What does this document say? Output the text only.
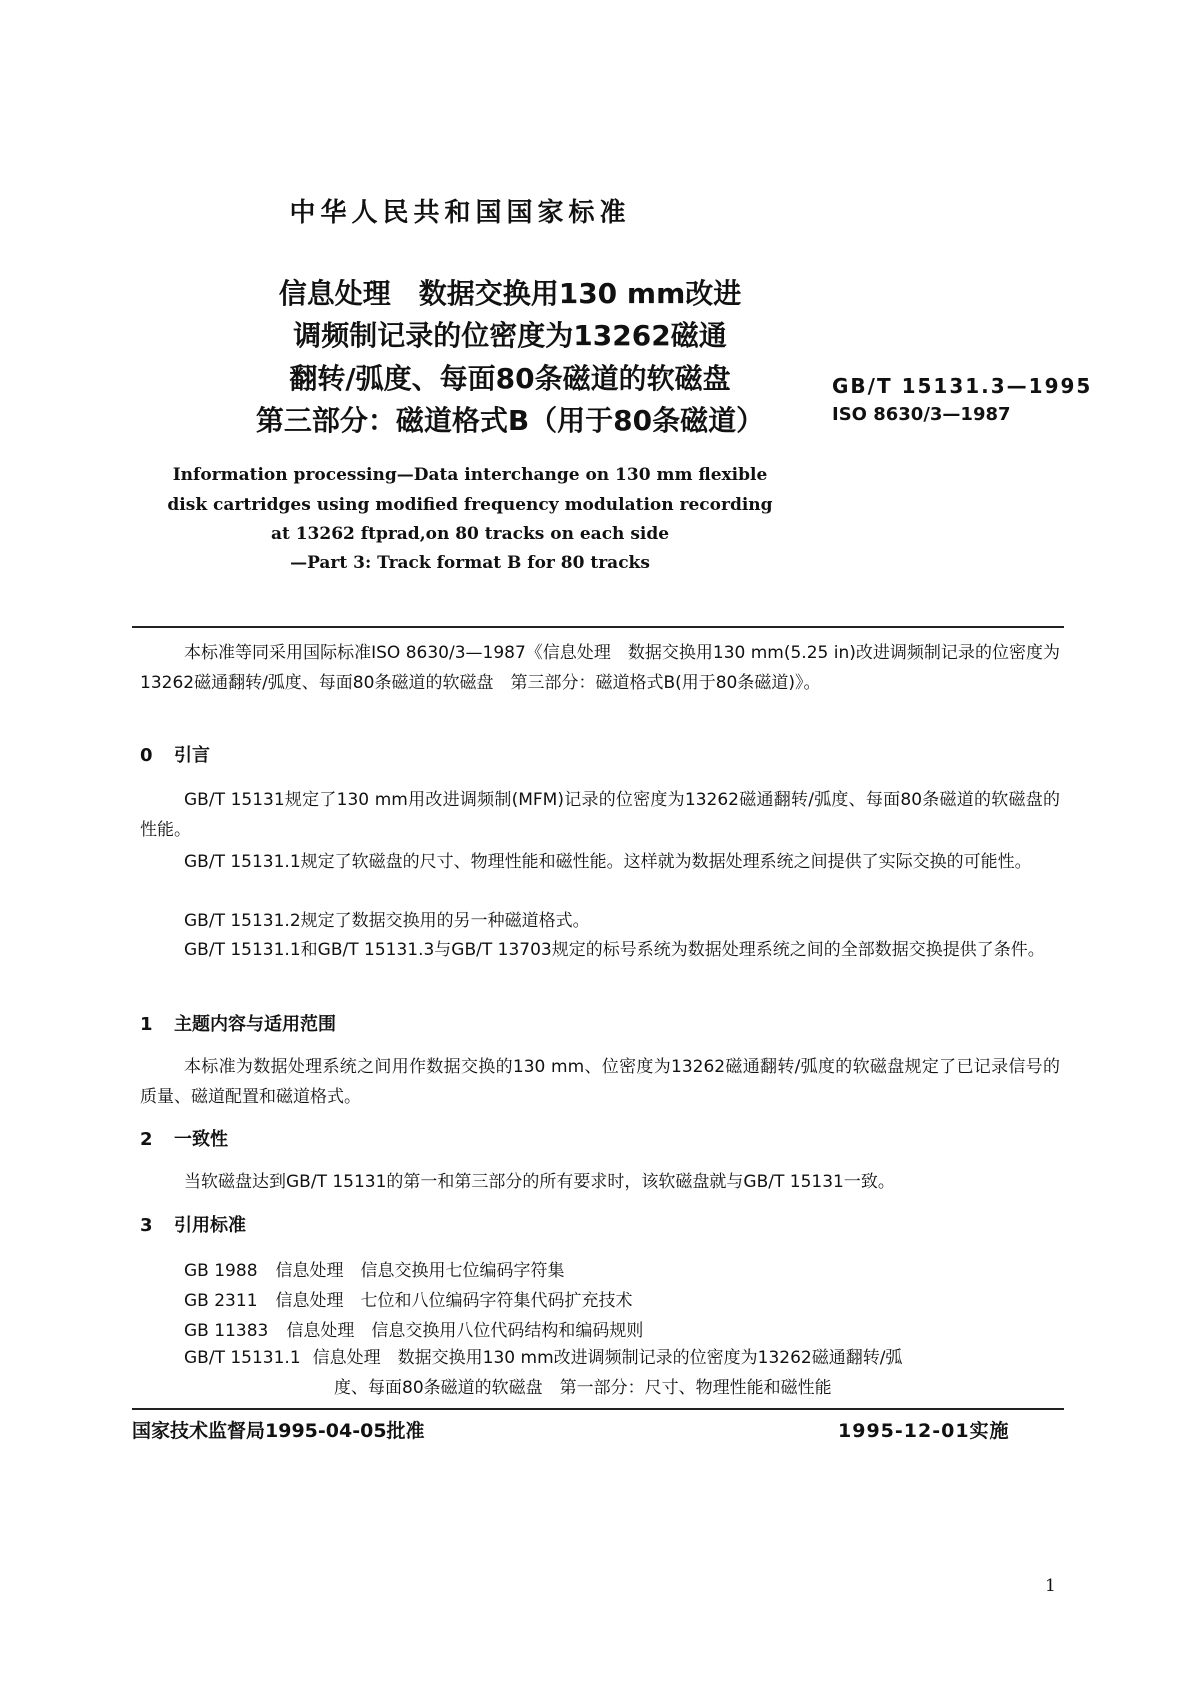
中华人民共和国国家标准
信息处理　数据交换用130 mm改进
调频制记录的位密度为13262磁通
翻转/弧度、每面80条磁道的软磁盘
第三部分：磁道格式B（用于80条磁道）
GB/T 15131.3—1995
ISO 8630/3—1987
Information processing—Data interchange on 130 mm flexible
disk cartridges using modified frequency modulation recording
at 13262 ftprad,on 80 tracks on each side
—Part 3: Track format B for 80 tracks
本标准等同采用国际标准ISO 8630/3—1987《信息处理　数据交换用130 mm(5.25 in)改进调频制记录的位密度为13262磁通翻转/弧度、每面80条磁道的软磁盘　第三部分：磁道格式B(用于80条磁道)》。
0 引言
GB/T 15131规定了130 mm用改进调频制(MFM)记录的位密度为13262磁通翻转/弧度、每面80条磁道的软磁盘的性能。
GB/T 15131.1规定了软磁盘的尺寸、物理性能和磁性能。这样就为数据处理系统之间提供了实际交换的可能性。
GB/T 15131.2规定了数据交换用的另一种磁道格式。
GB/T 15131.1和GB/T 15131.3与GB/T 13703规定的标号系统为数据处理系统之间的全部数据交换提供了条件。
1 主题内容与适用范围
本标准为数据处理系统之间用作数据交换的130 mm、位密度为13262磁通翻转/弧度的软磁盘规定了已记录信号的质量、磁道配置和磁道格式。
2 一致性
当软磁盘达到GB/T 15131的第一和第三部分的所有要求时，该软磁盘就与GB/T 15131一致。
3 引用标准
GB 1988 信息处理　信息交换用七位编码字符集
GB 2311 信息处理　七位和八位编码字符集代码扩充技术
GB 11383 信息处理　信息交换用八位代码结构和编码规则
GB/T 15131.1 信息处理　数据交换用130 mm改进调频制记录的位密度为13262磁通翻转/弧
度、每面80条磁道的软磁盘　第一部分：尺寸、物理性能和磁性能
国家技术监督局1995-04-05批准	1995-12-01实施
1
